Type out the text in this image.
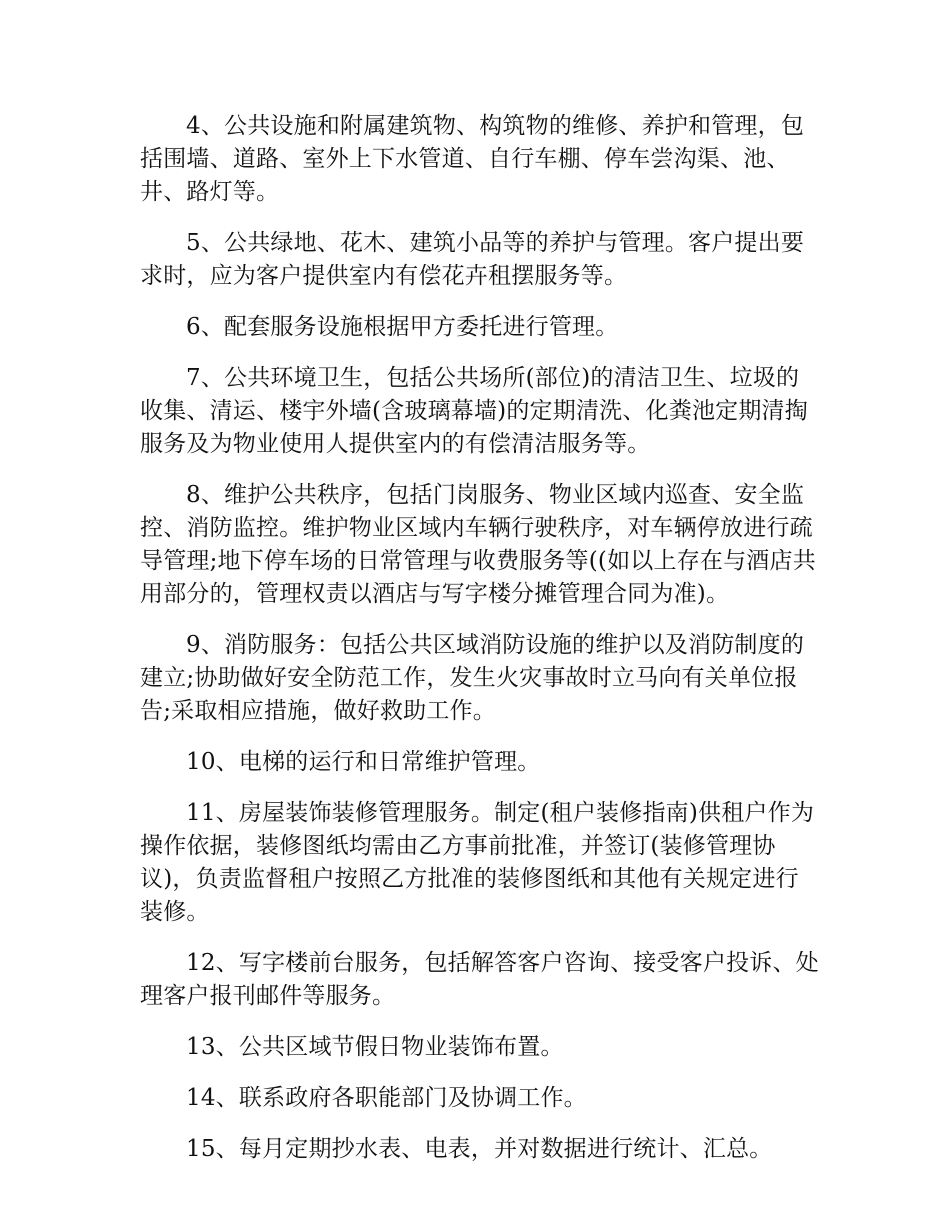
4、公共设施和附属建筑物、构筑物的维修、养护和管理，包括围墙、道路、室外上下水管道、自行车棚、停车尝沟渠、池、井、路灯等。

5、公共绿地、花木、建筑小品等的养护与管理。客户提出要求时，应为客户提供室内有偿花卉租摆服务等。

6、配套服务设施根据甲方委托进行管理。

7、公共环境卫生，包括公共场所(部位)的清洁卫生、垃圾的收集、清运、楼宇外墙(含玻璃幕墙)的定期清洗、化粪池定期清掏服务及为物业使用人提供室内的有偿清洁服务等。

8、维护公共秩序，包括门岗服务、物业区域内巡查、安全监控、消防监控。维护物业区域内车辆行驶秩序，对车辆停放进行疏导管理;地下停车场的日常管理与收费服务等((如以上存在与酒店共用部分的，管理权责以酒店与写字楼分摊管理合同为准)。

9、消防服务：包括公共区域消防设施的维护以及消防制度的建立;协助做好安全防范工作，发生火灾事故时立马向有关单位报告;采取相应措施，做好救助工作。

10、电梯的运行和日常维护管理。

11、房屋装饰装修管理服务。制定(租户装修指南)供租户作为操作依据，装修图纸均需由乙方事前批准，并签订(装修管理协议)，负责监督租户按照乙方批准的装修图纸和其他有关规定进行装修。

12、写字楼前台服务，包括解答客户咨询、接受客户投诉、处理客户报刊邮件等服务。

13、公共区域节假日物业装饰布置。

14、联系政府各职能部门及协调工作。

15、每月定期抄水表、电表，并对数据进行统计、汇总。
